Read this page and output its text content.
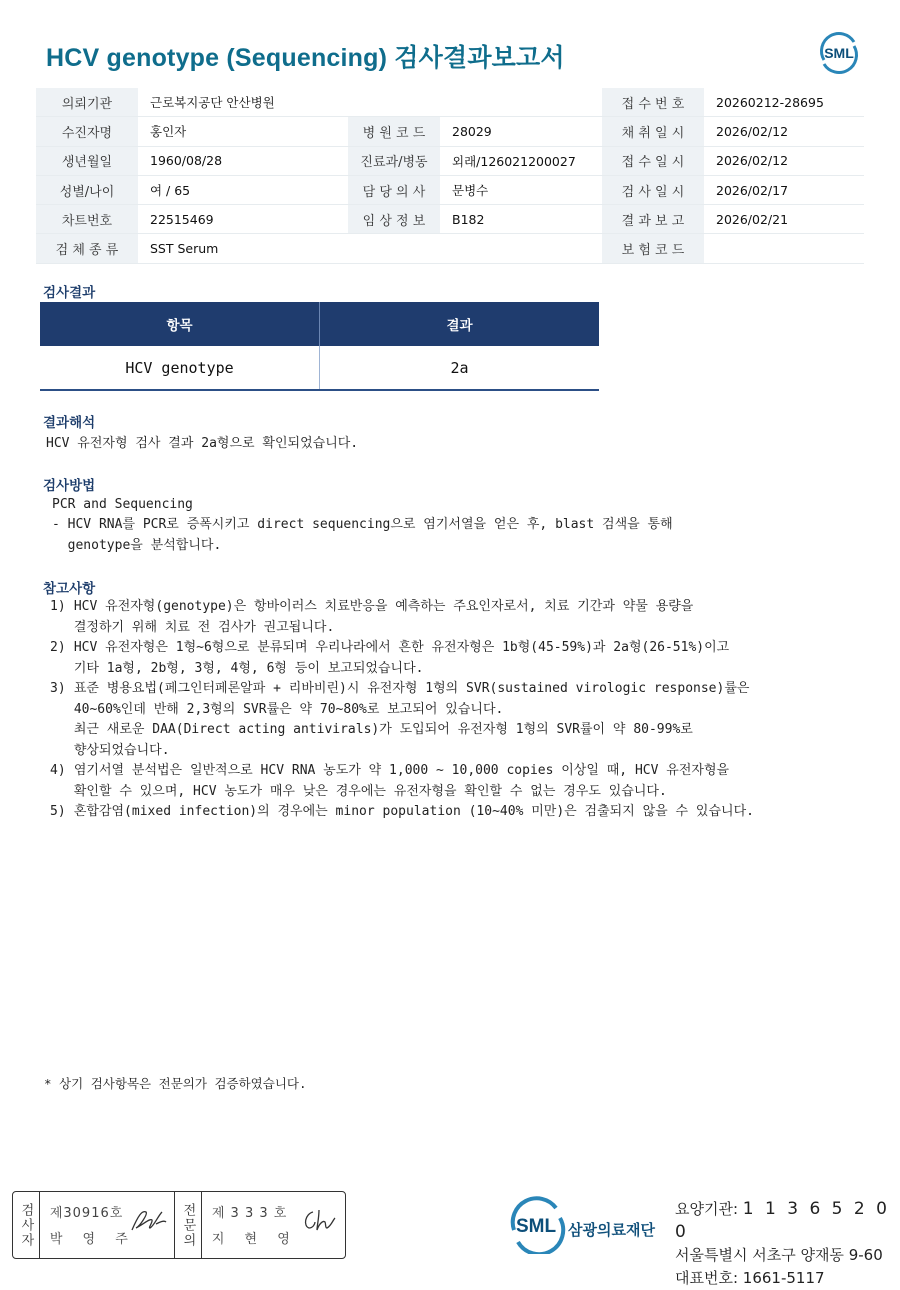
HCV genotype (Sequencing) 검사결과보고서	SML
의뢰기관	근로복지공단 안산병원			접 수 번 호	20260212-28695
수진자명	홍인자	병 원 코 드	28029	채 취 일 시	2026/02/12
생년월일	1960/08/28	진료과/병동	외래/126021200027	접 수 일 시	2026/02/12
성별/나이	여 / 65	담 당 의 사	문병수	검 사 일 시	2026/02/17
차트번호	22515469	임 상 정 보	B182	결 과 보 고	2026/02/21
검 체 종 류	SST Serum			보 험 코 드	
검사결과
항목	결과
HCV genotype	2a
결과해석
HCV 유전자형 검사 결과 2a형으로 확인되었습니다.
검사방법
PCR and Sequencing
- HCV RNA를 PCR로 증폭시키고 direct sequencing으로 염기서열을 얻은 후, blast 검색을 통해
genotype을 분석합니다.
참고사항
1) HCV 유전자형(genotype)은 항바이러스 치료반응을 예측하는 주요인자로서, 치료 기간과 약물 용량을
결정하기 위해 치료 전 검사가 권고됩니다.
2) HCV 유전자형은 1형~6형으로 분류되며 우리나라에서 흔한 유전자형은 1b형(45-59%)과 2a형(26-51%)이고
기타 1a형, 2b형, 3형, 4형, 6형 등이 보고되었습니다.
3) 표준 병용요법(페그인터페론알파 + 리바비린)시 유전자형 1형의 SVR(sustained virologic response)률은
40~60%인데 반해 2,3형의 SVR률은 약 70~80%로 보고되어 있습니다.
최근 새로운 DAA(Direct acting antivirals)가 도입되어 유전자형 1형의 SVR률이 약 80-99%로
향상되었습니다.
4) 염기서열 분석법은 일반적으로 HCV RNA 농도가 약 1,000 ~ 10,000 copies 이상일 때, HCV 유전자형을
확인할 수 있으며, HCV 농도가 매우 낮은 경우에는 유전자형을 확인할 수 없는 경우도 있습니다.
5) 혼합감염(mixed infection)의 경우에는 minor population (10~40% 미만)은 검출되지 않을 수 있습니다.
* 상기 검사항목은 전문의가 검증하였습니다.
검사자 제30916호
박 영 주	전문의 제 3 3 3 호
지 현 영
SML 삼광의료재단
요양기관: 1 1 3 6 5 2 0 0
서울특별시 서초구 양재동 9-60
대표번호: 1661-5117
